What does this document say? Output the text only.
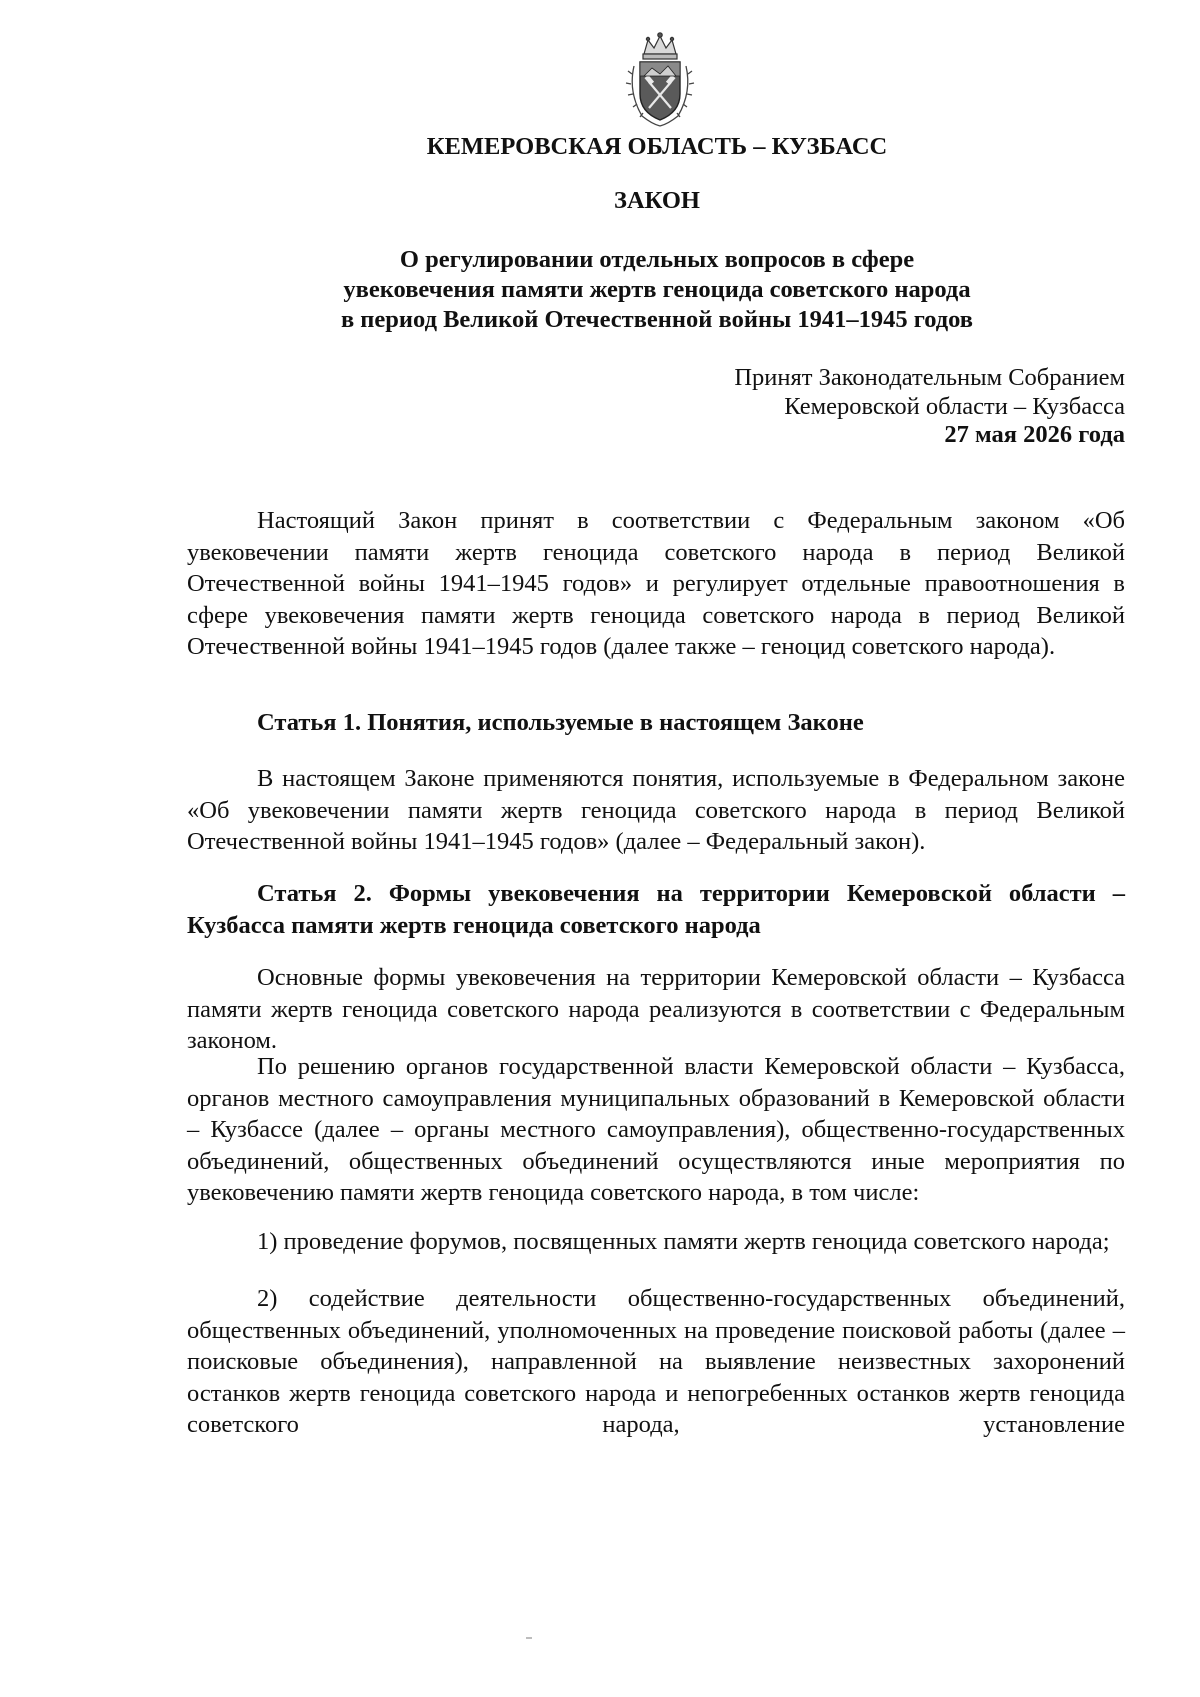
КЕМЕРОВСКАЯ ОБЛАСТЬ – КУЗБАСС
ЗАКОН
О регулировании отдельных вопросов в сфере
увековечения памяти жертв геноцида советского народа
в период Великой Отечественной войны 1941–1945 годов
Принят Законодательным Собранием
Кемеровской области – Кузбасса
27 мая 2026 года
Настоящий Закон принят в соответствии с Федеральным законом «Об увековечении памяти жертв геноцида советского народа в период Великой Отечественной войны 1941–1945 годов» и регулирует отдельные правоотношения в сфере увековечения памяти жертв геноцида советского народа в период Великой Отечественной войны 1941–1945 годов (далее также – геноцид советского народа).
Статья 1. Понятия, используемые в настоящем Законе
В настоящем Законе применяются понятия, используемые в Федеральном законе «Об увековечении памяти жертв геноцида советского народа в период Великой Отечественной войны 1941–1945 годов» (далее – Федеральный закон).
Статья 2. Формы увековечения на территории Кемеровской области – Кузбасса памяти жертв геноцида советского народа
Основные формы увековечения на территории Кемеровской области – Кузбасса памяти жертв геноцида советского народа реализуются в соответствии с Федеральным законом.
По решению органов государственной власти Кемеровской области – Кузбасса, органов местного самоуправления муниципальных образований в Кемеровской области – Кузбассе (далее – органы местного самоуправления), общественно-государственных объединений, общественных объединений осуществляются иные мероприятия по увековечению памяти жертв геноцида советского народа, в том числе:
1) проведение форумов, посвященных памяти жертв геноцида советского народа;
2) содействие деятельности общественно-государственных объединений, общественных объединений, уполномоченных на проведение поисковой работы (далее – поисковые объединения), направленной на выявление неизвестных захоронений останков жертв геноцида советского народа и непогребенных останков жертв геноцида советского народа, установление
